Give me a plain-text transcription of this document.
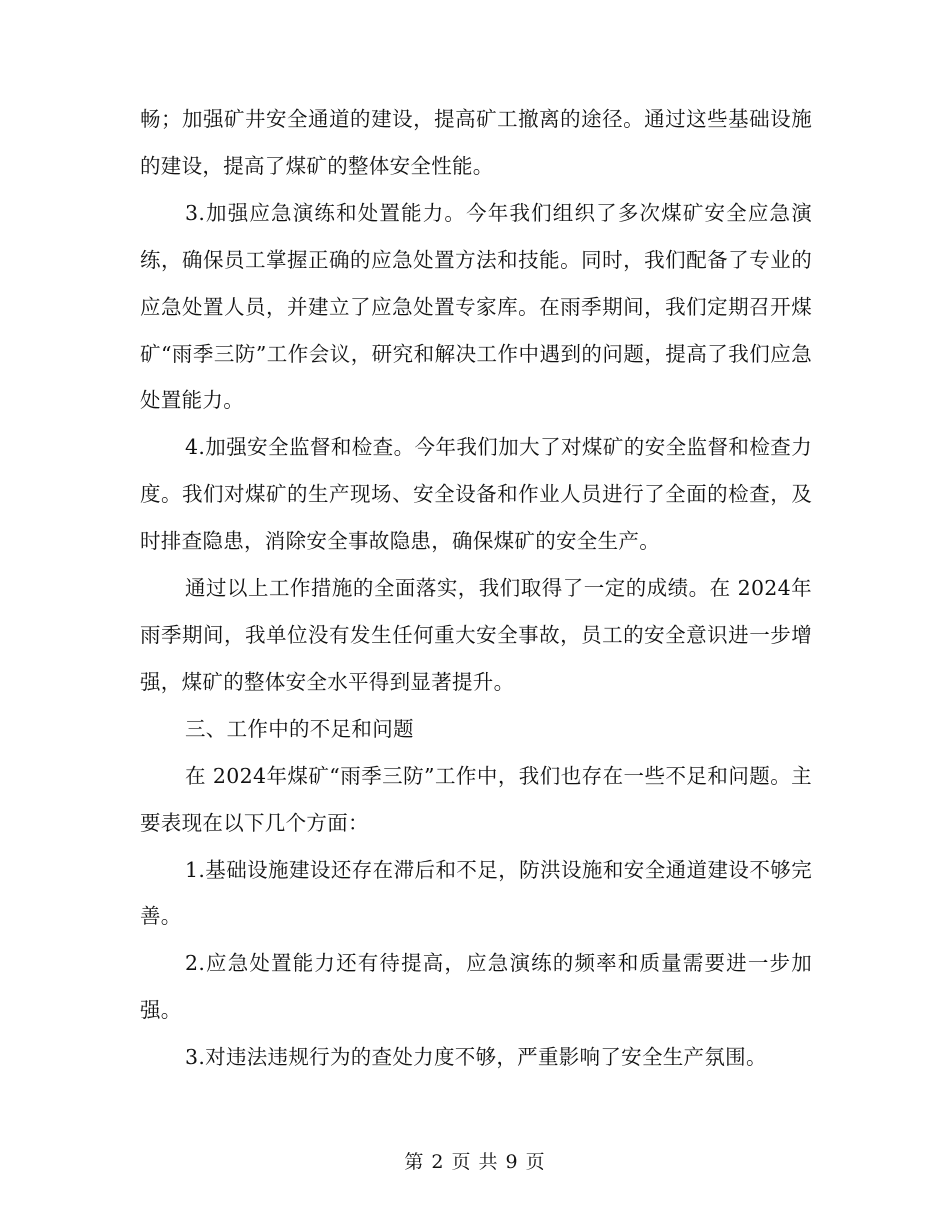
畅；加强矿井安全通道的建设，提高矿工撤离的途径。通过这些基础设施的建设，提高了煤矿的整体安全性能。

3.加强应急演练和处置能力。今年我们组织了多次煤矿安全应急演练，确保员工掌握正确的应急处置方法和技能。同时，我们配备了专业的应急处置人员，并建立了应急处置专家库。在雨季期间，我们定期召开煤矿“雨季三防”工作会议，研究和解决工作中遇到的问题，提高了我们应急处置能力。

4.加强安全监督和检查。今年我们加大了对煤矿的安全监督和检查力度。我们对煤矿的生产现场、安全设备和作业人员进行了全面的检查，及时排查隐患，消除安全事故隐患，确保煤矿的安全生产。

通过以上工作措施的全面落实，我们取得了一定的成绩。在 2024年雨季期间，我单位没有发生任何重大安全事故，员工的安全意识进一步增强，煤矿的整体安全水平得到显著提升。

三、工作中的不足和问题

在 2024年煤矿“雨季三防”工作中，我们也存在一些不足和问题。主要表现在以下几个方面：

1.基础设施建设还存在滞后和不足，防洪设施和安全通道建设不够完善。

2.应急处置能力还有待提高，应急演练的频率和质量需要进一步加强。

3.对违法违规行为的查处力度不够，严重影响了安全生产氛围。

第 2 页 共 9 页
